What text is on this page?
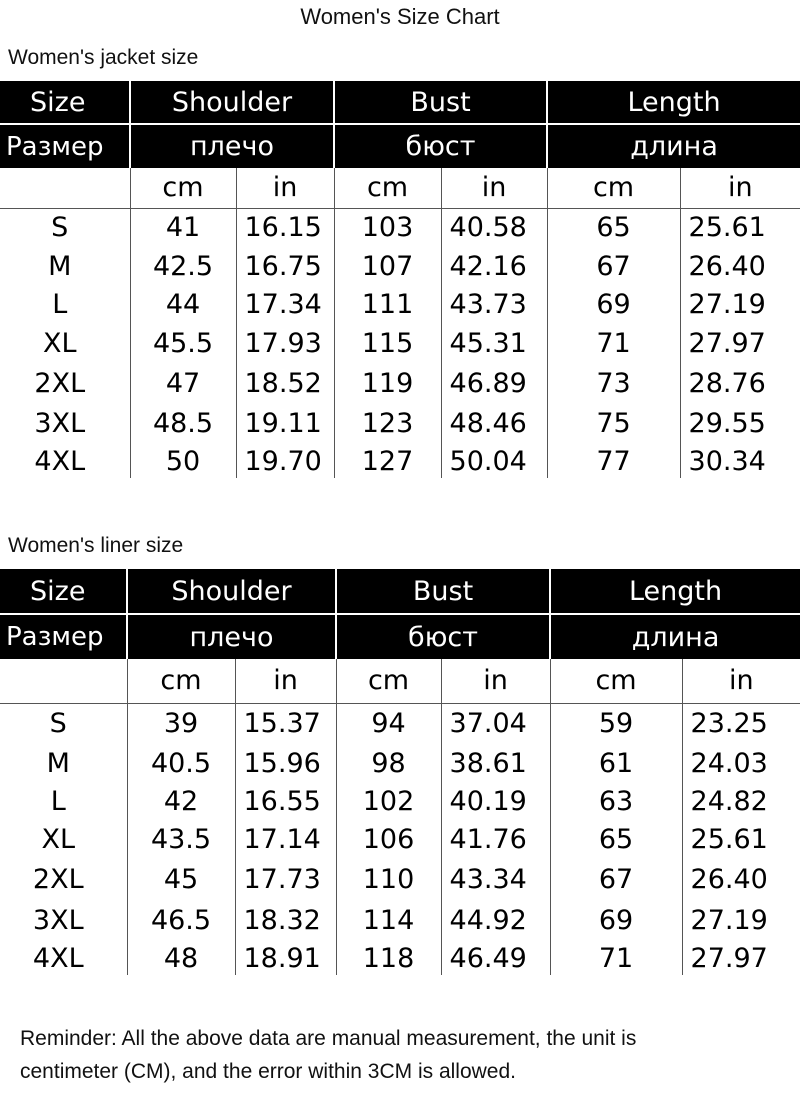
Women's Size Chart
Women's jacket size
Size	Shoulder		Bust		Length	
Размер	плечо		бюст		длина	
	cm	in	cm	in	cm	in
S	41	16.15	103	40.58	65	25.61
M	42.5	16.75	107	42.16	67	26.40
L	44	17.34	111	43.73	69	27.19
XL	45.5	17.93	115	45.31	71	27.97
2XL	47	18.52	119	46.89	73	28.76
3XL	48.5	19.11	123	48.46	75	29.55
4XL	50	19.70	127	50.04	77	30.34
Women's liner size
Size	Shoulder		Bust		Length	
Размер	плечо		бюст		длина	
	cm	in	cm	in	cm	in
S	39	15.37	94	37.04	59	23.25
M	40.5	15.96	98	38.61	61	24.03
L	42	16.55	102	40.19	63	24.82
XL	43.5	17.14	106	41.76	65	25.61
2XL	45	17.73	110	43.34	67	26.40
3XL	46.5	18.32	114	44.92	69	27.19
4XL	48	18.91	118	46.49	71	27.97
Reminder: All the above data are manual measurement, the unit is
centimeter (CM), and the error within 3CM is allowed.
